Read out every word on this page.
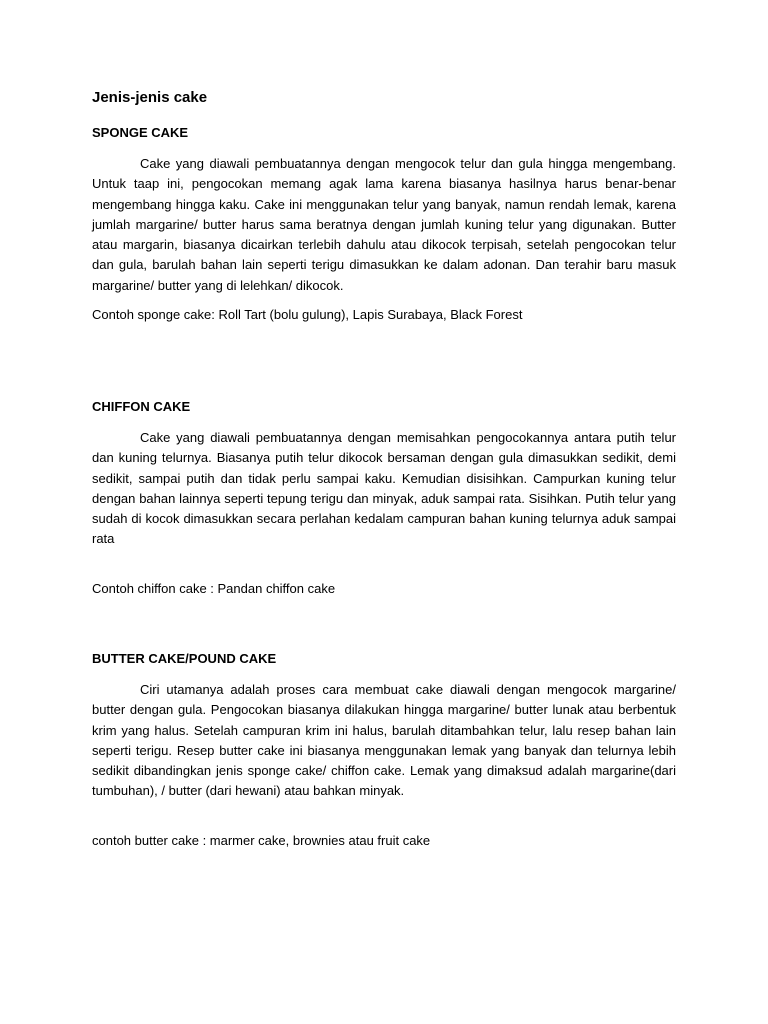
Jenis-jenis cake
SPONGE CAKE

Cake yang diawali pembuatannya dengan mengocok telur dan gula hingga mengembang. Untuk taap ini, pengocokan memang agak lama karena biasanya hasilnya harus benar-benar mengembang hingga kaku. Cake ini menggunakan telur yang banyak, namun rendah lemak, karena jumlah margarine/ butter harus sama beratnya dengan jumlah kuning telur yang digunakan. Butter atau margarin, biasanya dicairkan terlebih dahulu atau dikocok terpisah, setelah pengocokan telur dan gula, barulah bahan lain seperti terigu dimasukkan ke dalam adonan. Dan terahir baru masuk margarine/ butter yang di lelehkan/ dikocok.

Contoh sponge cake: Roll Tart (bolu gulung), Lapis Surabaya, Black Forest

CHIFFON CAKE

Cake yang diawali pembuatannya dengan memisahkan pengocokannya antara putih telur dan kuning telurnya. Biasanya putih telur dikocok bersaman dengan gula dimasukkan sedikit, demi sedikit, sampai putih dan tidak perlu sampai kaku. Kemudian disisihkan. Campurkan kuning telur dengan bahan lainnya seperti tepung terigu dan minyak, aduk sampai rata. Sisihkan. Putih telur yang sudah di kocok dimasukkan secara perlahan kedalam campuran bahan kuning telurnya aduk sampai rata

Contoh chiffon cake : Pandan chiffon cake

BUTTER CAKE/POUND CAKE

Ciri utamanya adalah proses cara membuat cake diawali dengan mengocok margarine/ butter dengan gula. Pengocokan biasanya dilakukan hingga margarine/ butter lunak atau berbentuk krim yang halus. Setelah campuran krim ini halus, barulah ditambahkan telur, lalu resep bahan lain seperti terigu. Resep butter cake ini biasanya menggunakan lemak yang banyak dan telurnya lebih sedikit dibandingkan jenis sponge cake/ chiffon cake. Lemak yang dimaksud adalah margarine(dari tumbuhan), / butter (dari hewani) atau bahkan minyak.

contoh butter cake : marmer cake, brownies atau fruit cake
